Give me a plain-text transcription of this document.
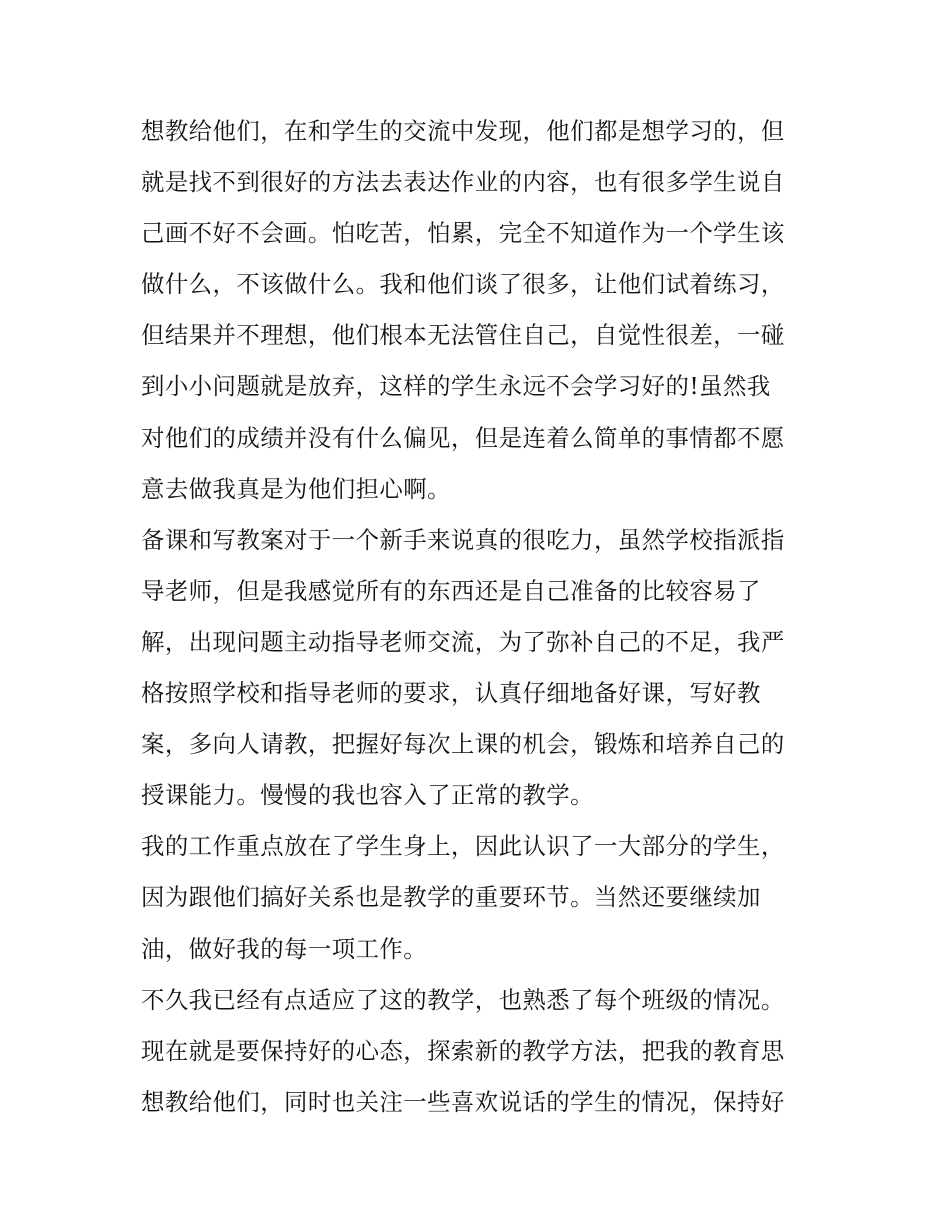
想教给他们，在和学生的交流中发现，他们都是想学习的，但
就是找不到很好的方法去表达作业的内容，也有很多学生说自
己画不好不会画。怕吃苦，怕累，完全不知道作为一个学生该
做什么，不该做什么。我和他们谈了很多，让他们试着练习，
但结果并不理想，他们根本无法管住自己，自觉性很差，一碰
到小小问题就是放弃，这样的学生永远不会学习好的!虽然我
对他们的成绩并没有什么偏见，但是连着么简单的事情都不愿
意去做我真是为他们担心啊。
备课和写教案对于一个新手来说真的很吃力，虽然学校指派指
导老师，但是我感觉所有的东西还是自己准备的比较容易了
解，出现问题主动指导老师交流，为了弥补自己的不足，我严
格按照学校和指导老师的要求，认真仔细地备好课，写好教
案，多向人请教，把握好每次上课的机会，锻炼和培养自己的
授课能力。慢慢的我也容入了正常的教学。
我的工作重点放在了学生身上，因此认识了一大部分的学生，
因为跟他们搞好关系也是教学的重要环节。当然还要继续加
油，做好我的每一项工作。
不久我已经有点适应了这的教学，也熟悉了每个班级的情况。
现在就是要保持好的心态，探索新的教学方法，把我的教育思
想教给他们，同时也关注一些喜欢说话的学生的情况，保持好
